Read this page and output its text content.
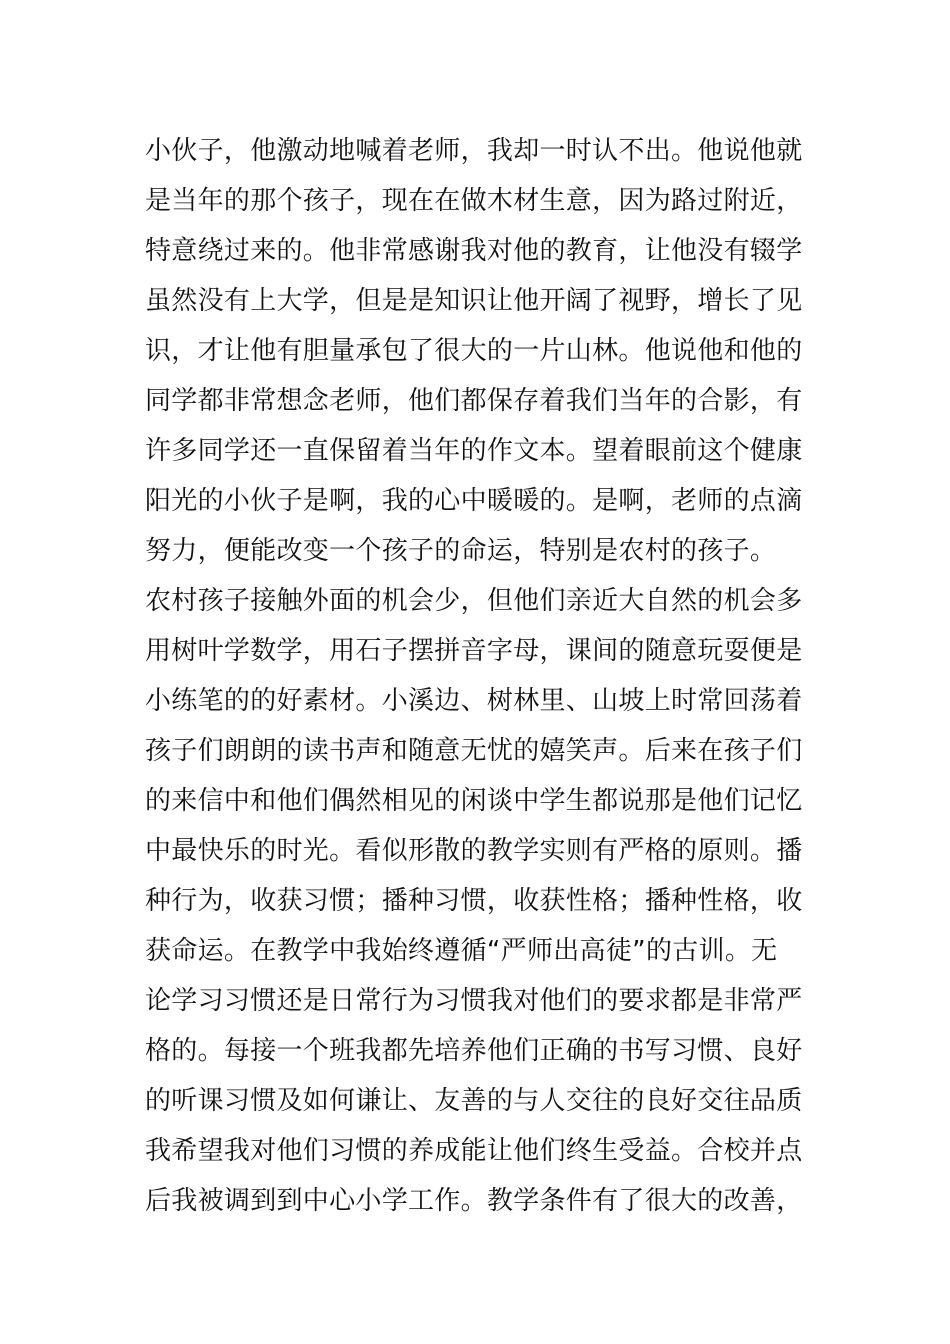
小伙子，他激动地喊着老师，我却一时认不出。他说他就
是当年的那个孩子，现在在做木材生意，因为路过附近，
特意绕过来的。他非常感谢我对他的教育，让他没有辍学
虽然没有上大学，但是是知识让他开阔了视野，增长了见
识，才让他有胆量承包了很大的一片山林。他说他和他的
同学都非常想念老师，他们都保存着我们当年的合影，有
许多同学还一直保留着当年的作文本。望着眼前这个健康
阳光的小伙子是啊，我的心中暖暖的。是啊，老师的点滴
努力，便能改变一个孩子的命运，特别是农村的孩子。
农村孩子接触外面的机会少，但他们亲近大自然的机会多
用树叶学数学，用石子摆拼音字母，课间的随意玩耍便是
小练笔的的好素材。小溪边、树林里、山坡上时常回荡着
孩子们朗朗的读书声和随意无忧的嬉笑声。后来在孩子们
的来信中和他们偶然相见的闲谈中学生都说那是他们记忆
中最快乐的时光。看似形散的教学实则有严格的原则。播
种行为，收获习惯；播种习惯，收获性格；播种性格，收
获命运。在教学中我始终遵循“严师出高徒”的古训。无
论学习习惯还是日常行为习惯我对他们的要求都是非常严
格的。每接一个班我都先培养他们正确的书写习惯、良好
的听课习惯及如何谦让、友善的与人交往的良好交往品质
我希望我对他们习惯的养成能让他们终生受益。合校并点
后我被调到到中心小学工作。教学条件有了很大的改善，
